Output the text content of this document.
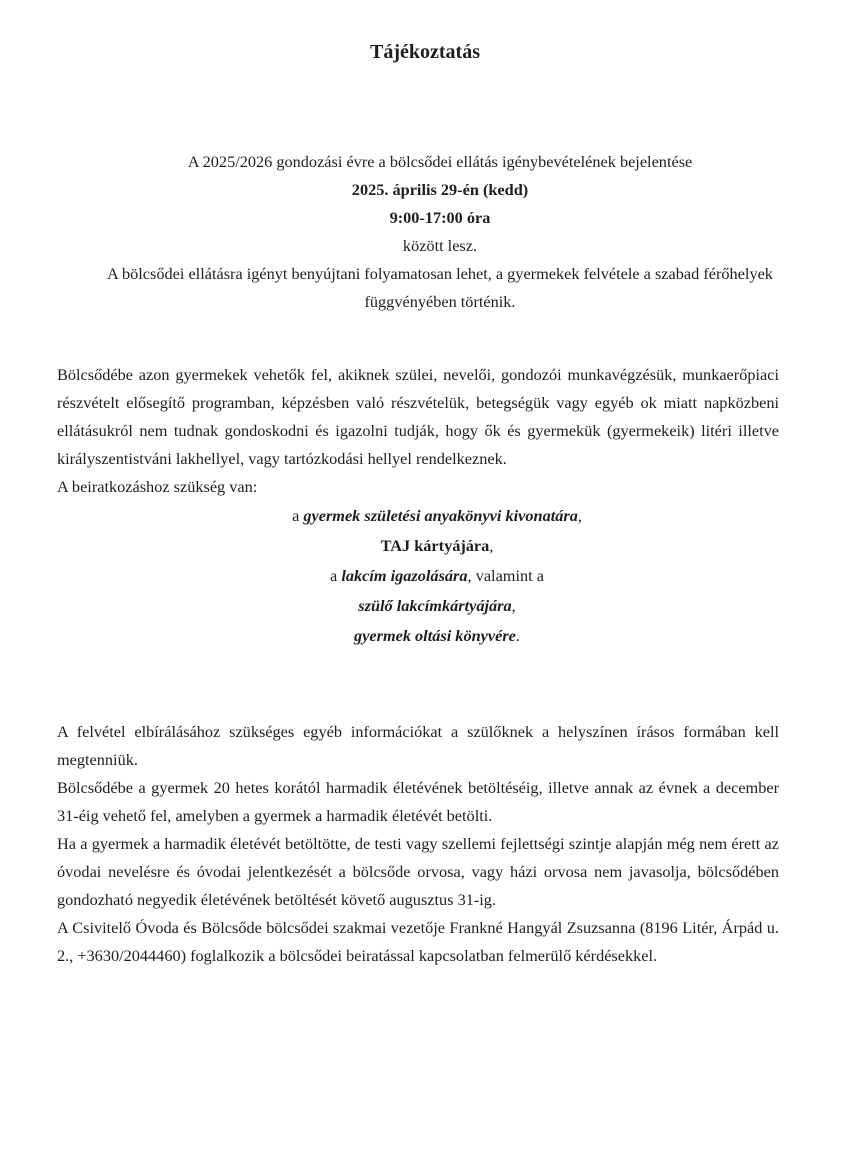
Tájékoztatás

A 2025/2026 gondozási évre a bölcsődei ellátás igénybevételének bejelentése

2025. április 29-én (kedd)

9:00-17:00 óra

között lesz.

A bölcsődei ellátásra igényt benyújtani folyamatosan lehet, a gyermekek felvétele a szabad férőhelyek függvényében történik.

Bölcsődébe azon gyermekek vehetők fel, akiknek szülei, nevelői, gondozói munkavégzésük, munkaerőpiaci részvételt elősegítő programban, képzésben való részvételük, betegségük vagy egyéb ok miatt napközbeni ellátásukról nem tudnak gondoskodni és igazolni tudják, hogy ők és gyermekük (gyermekeik) litéri illetve királyszentistváni lakhellyel, vagy tartózkodási hellyel rendelkeznek.

A beiratkozáshoz szükség van:

a gyermek születési anyakönyvi kivonatára,
TAJ kártyájára,
a lakcím igazolására, valamint a
szülő lakcímkártyájára,
gyermek oltási könyvére.

A felvétel elbírálásához szükséges egyéb információkat a szülőknek a helyszínen írásos formában kell megtenniük.

Bölcsődébe a gyermek 20 hetes korától harmadik életévének betöltéséig, illetve annak az évnek a december 31-éig vehető fel, amelyben a gyermek a harmadik életévét betölti.

Ha a gyermek a harmadik életévét betöltötte, de testi vagy szellemi fejlettségi szintje alapján még nem érett az óvodai nevelésre és óvodai jelentkezését a bölcsőde orvosa, vagy házi orvosa nem javasolja, bölcsődében gondozható negyedik életévének betöltését követő augusztus 31-ig.

A Csivitelő Óvoda és Bölcsőde bölcsődei szakmai vezetője Frankné Hangyál Zsuzsanna (8196 Litér, Árpád u. 2., +3630/2044460) foglalkozik a bölcsődei beiratással kapcsolatban felmerülő kérdésekkel.
